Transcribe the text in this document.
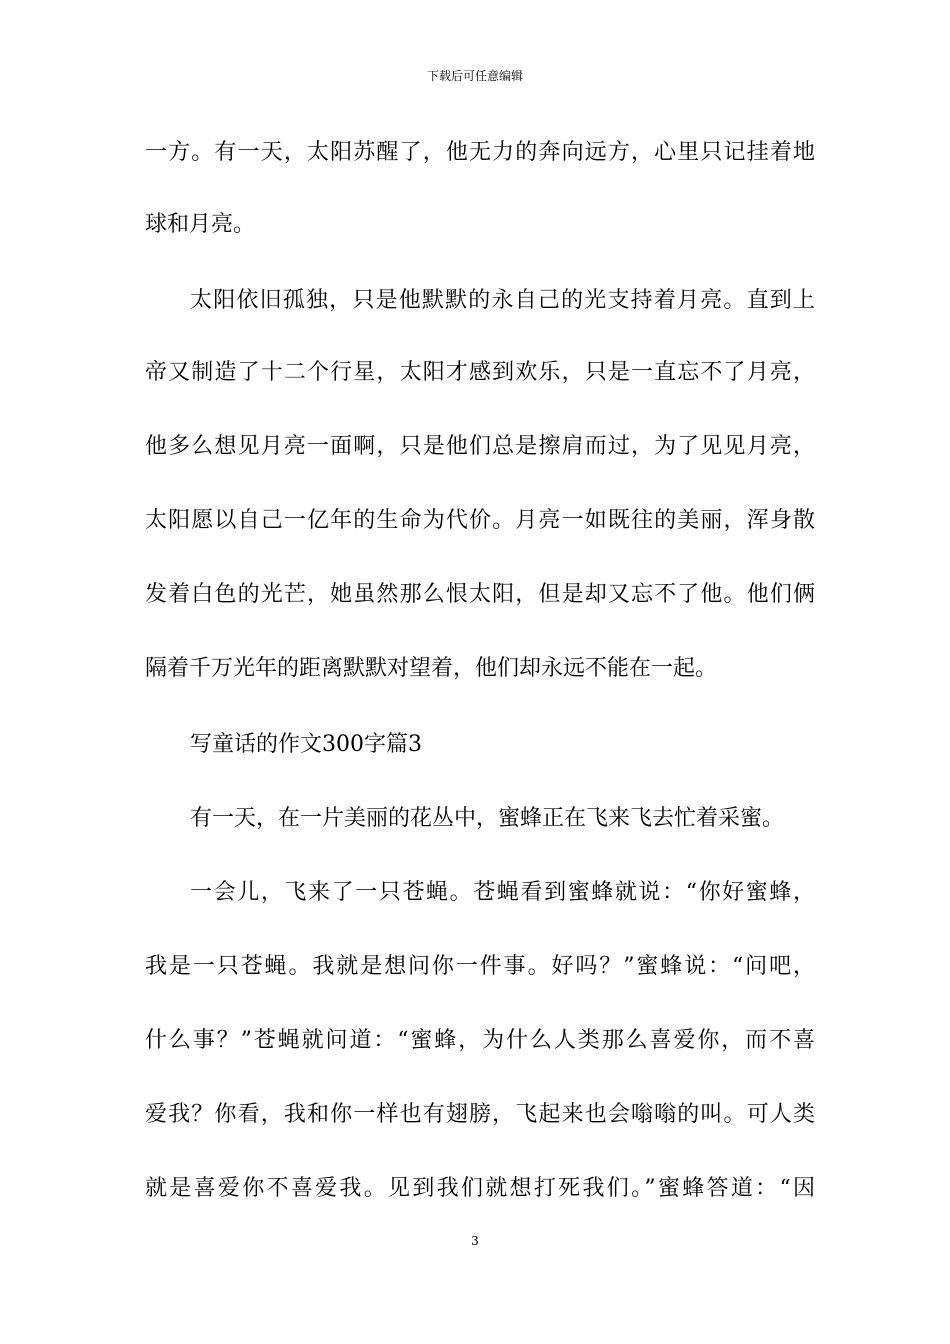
下载后可任意编辑
一方。有一天，太阳苏醒了，他无力的奔向远方，心里只记挂着地
球和月亮。
太阳依旧孤独，只是他默默的永自己的光支持着月亮。直到上
帝又制造了十二个行星，太阳才感到欢乐，只是一直忘不了月亮，
他多么想见月亮一面啊，只是他们总是擦肩而过，为了见见月亮，
太阳愿以自己一亿年的生命为代价。月亮一如既往的美丽，浑身散
发着白色的光芒，她虽然那么恨太阳，但是却又忘不了他。他们俩
隔着千万光年的距离默默对望着，他们却永远不能在一起。
写童话的作文300字篇3
有一天，在一片美丽的花丛中，蜜蜂正在飞来飞去忙着采蜜。
一会儿，飞来了一只苍蝇。苍蝇看到蜜蜂就说：“你好蜜蜂，
我是一只苍蝇。我就是想问你一件事。好吗？”蜜蜂说：“问吧，
什么事？”苍蝇就问道：“蜜蜂，为什么人类那么喜爱你，而不喜
爱我？你看，我和你一样也有翅膀，飞起来也会嗡嗡的叫。可人类
就是喜爱你不喜爱我。见到我们就想打死我们。”蜜蜂答道：“因
3
